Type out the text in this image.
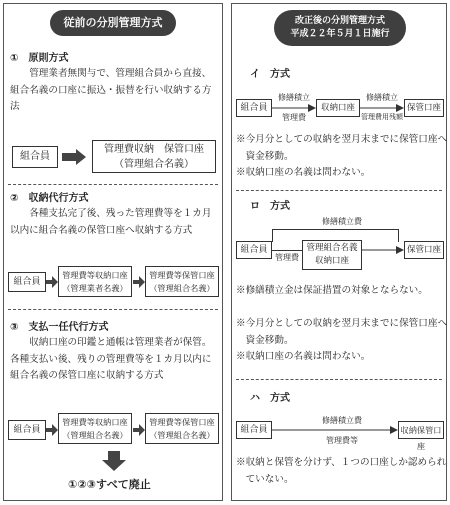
従前の分別管理方式
①　原則方式
管理業者無関与で、管理組合員から直接、組合名義の口座に振込・振替を行い収納する方法
組合員
管理費収納　保管口座
（管理組合名義）
②　収納代行方式
各種支払完了後、残った管理費等を１カ月以内に組合名義の保管口座へ収納する方式
組合員
管理費等収納口座
（管理業者名義）
管理費等保管口座
（管理組合名義）
③　支払一任代行方式
収納口座の印鑑と通帳は管理業者が保管。各種支払い後、残りの管理費等を１カ月以内に組合名義の保管口座に収納する方式
組合員
管理費等収納口座
（管理組合名義）
管理費等保管口座
（管理組合名義）
①②③すべて廃止
改正後の分別管理方式
平成２２年５月１日施行
イ　方式
組合員
修繕積立
管理費
収納口座
修繕積立
管理費用残額
保管口座
※今月分としての収納を翌月末までに保管口座へ資金移動。
※収納口座の名義は問わない。
ロ　方式
修繕積立費
組合員
管理費
管理組合名義
収納口座
保管口座
※修繕積立金は保証措置の対象とならない。
※今月分としての収納を翌月末までに保管口座へ資金移動。
※収納口座の名義は問わない。
ハ　方式
組合員
修繕積立費
管理費等
収納保管口座
※収納と保管を分けず、１つの口座しか認められていない。
